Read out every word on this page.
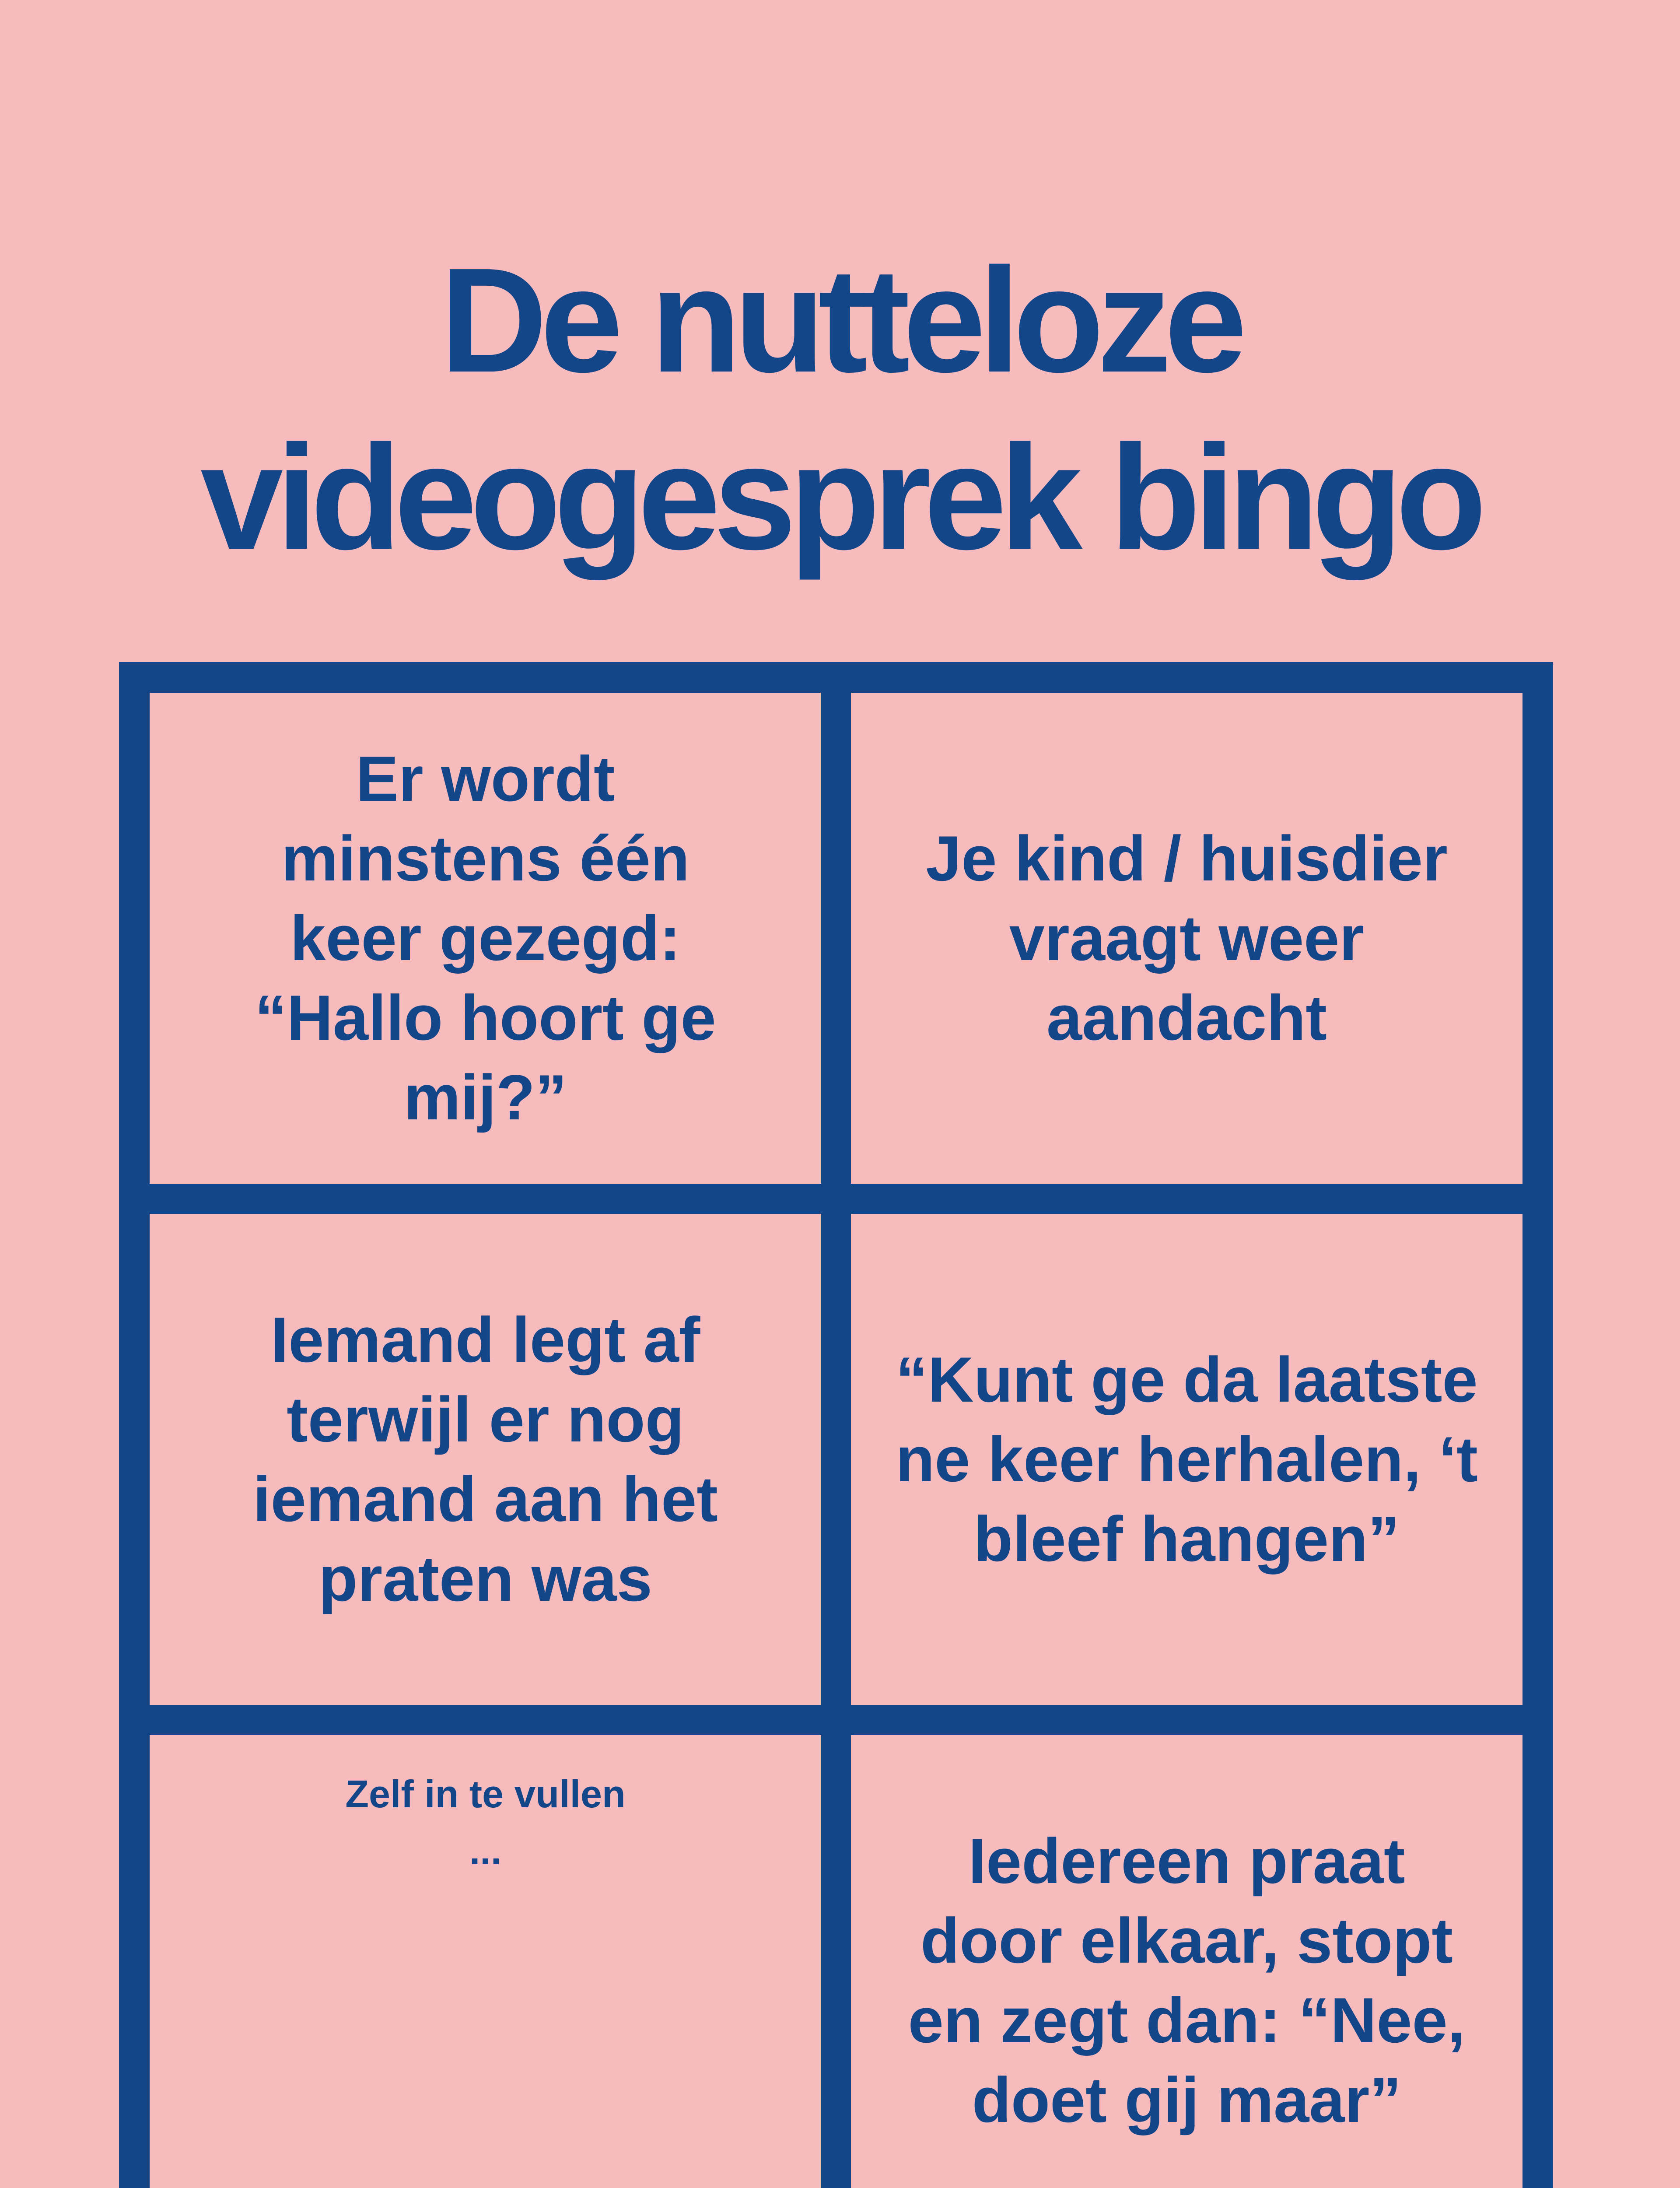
De nutteloze
videogesprek bingo
Er wordt
minstens één
keer gezegd:
“Hallo hoort ge
mij?”
Je kind / huisdier
vraagt weer
aandacht
Iemand legt af
terwijl er nog
iemand aan het
praten was
“Kunt ge da laatste
ne keer herhalen, ‘t
bleef hangen”
Zelf in te vullen
...	Iedereen praat
door elkaar, stopt
en zegt dan: “Nee,
doet gij maar”
